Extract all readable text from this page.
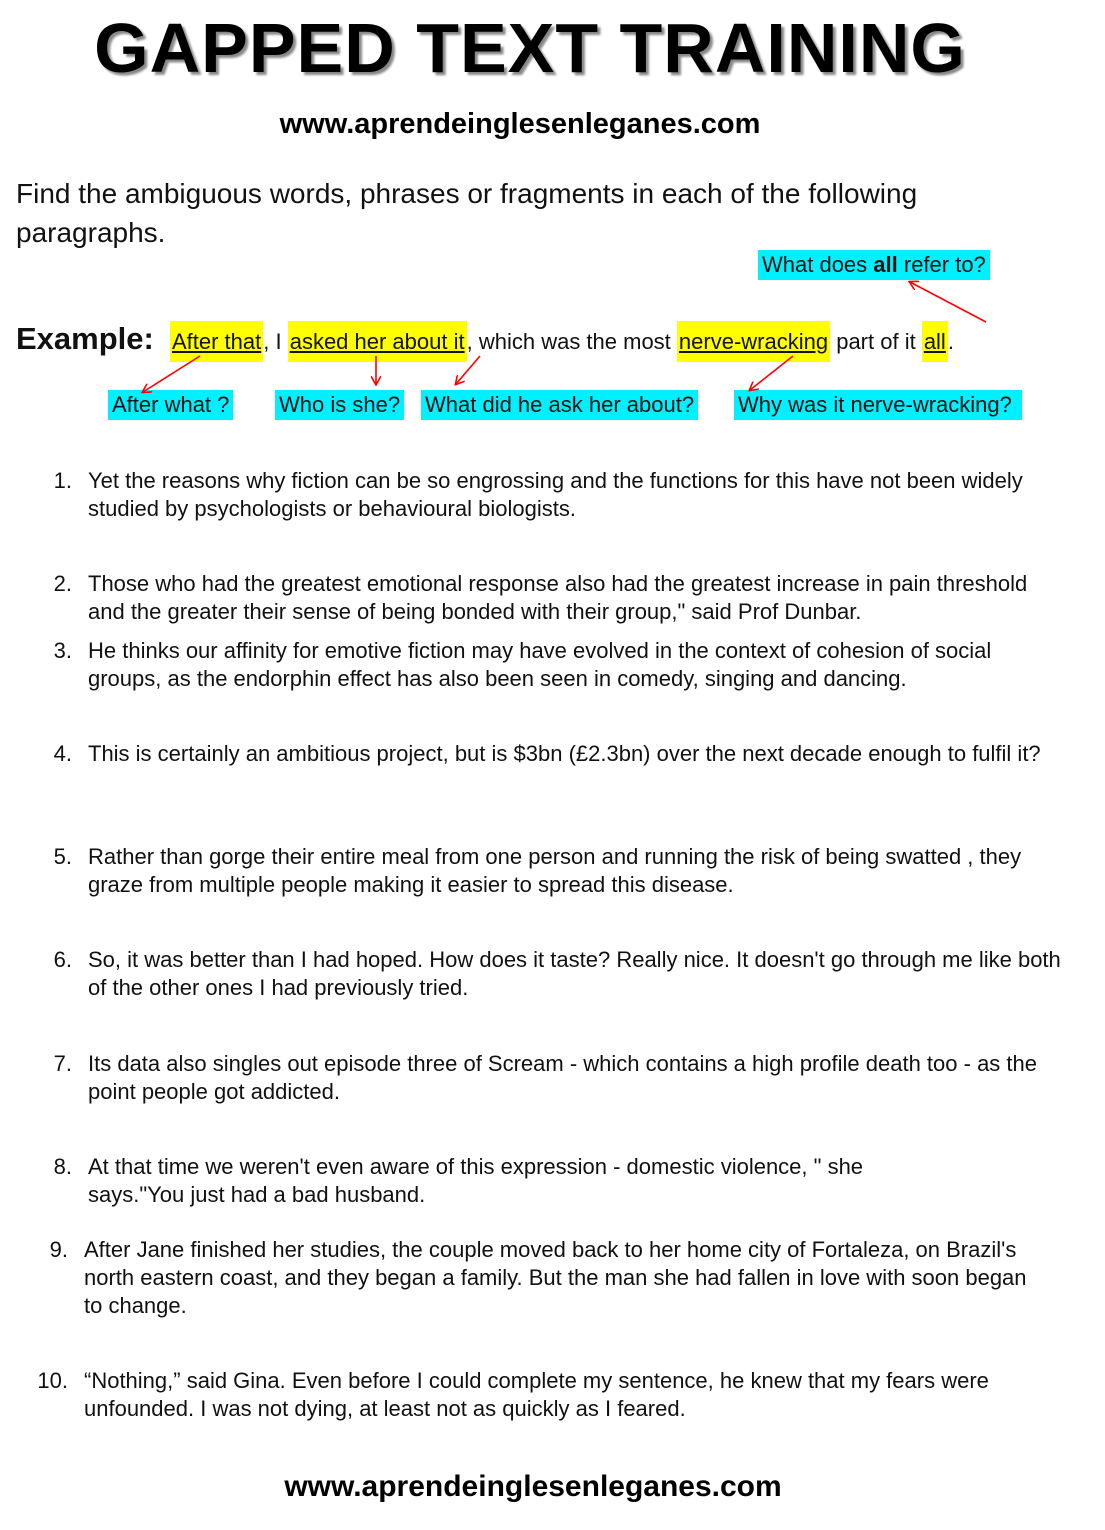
GAPPED TEXT TRAINING
www.aprendeinglesenleganes.com
Find the ambiguous words, phrases or fragments in each of the following paragraphs.
What does all refer to?
Example: After that, I asked her about it, which was the most nerve-wracking part of it all.
After what ? Who is she? What did he ask her about? Why was it nerve-wracking?
1. Yet the reasons why fiction can be so engrossing and the functions for this have not been widely studied by psychologists or behavioural biologists.
2. Those who had the greatest emotional response also had the greatest increase in pain threshold and the greater their sense of being bonded with their group," said Prof Dunbar.
3. He thinks our affinity for emotive fiction may have evolved in the context of cohesion of social groups, as the endorphin effect has also been seen in comedy, singing and dancing.
4. This is certainly an ambitious project, but is $3bn (£2.3bn) over the next decade enough to fulfil it?
5. Rather than gorge their entire meal from one person and running the risk of being swatted , they graze from multiple people making it easier to spread this disease.
6. So, it was better than I had hoped. How does it taste? Really nice. It doesn't go through me like both of the other ones I had previously tried.
7. Its data also singles out episode three of Scream - which contains a high profile death too - as the point people got addicted.
8. At that time we weren't even aware of this expression - domestic violence, " she says."You just had a bad husband.
9. After Jane finished her studies, the couple moved back to her home city of Fortaleza, on Brazil's north eastern coast, and they began a family. But the man she had fallen in love with soon began to change.
10. “Nothing,” said Gina. Even before I could complete my sentence, he knew that my fears were unfounded. I was not dying, at least not as quickly as I feared.
www.aprendeinglesenleganes.com
